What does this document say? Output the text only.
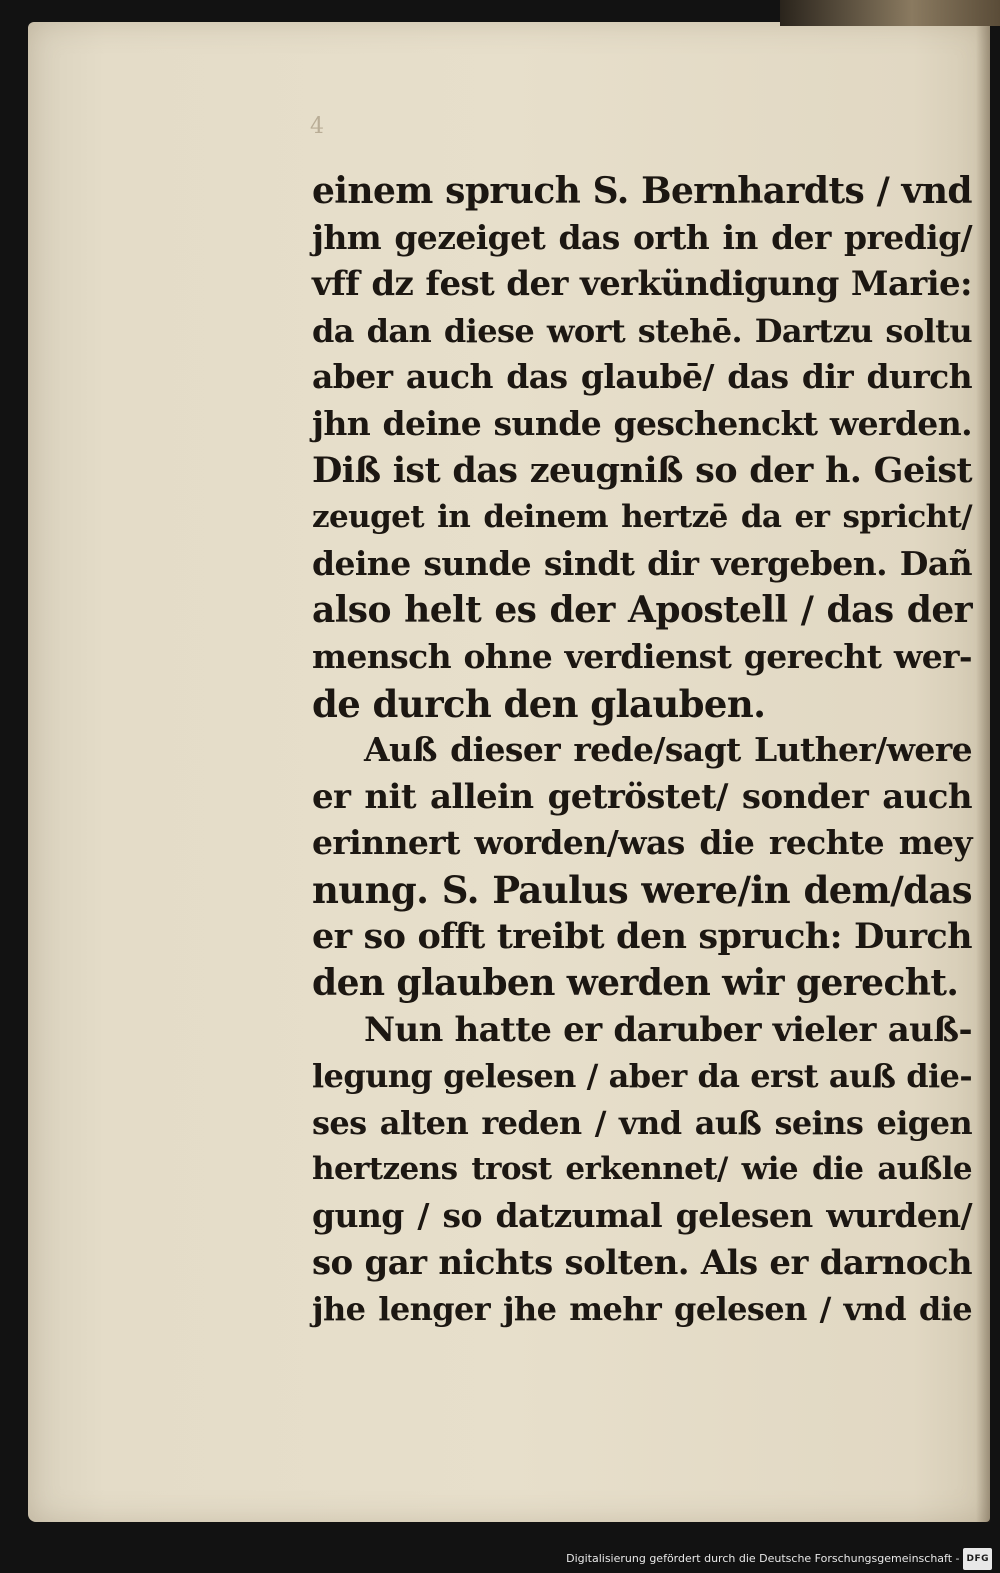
4
einem spruch S. Bernhardts / vnd
jhm gezeiget das orth in der predig/
vff dz fest der verkündigung Marie:
da dan diese wort stehē. Dartzu soltu
aber auch das glaubē/ das dir durch
jhn deine sunde geschenckt werden.
Diß ist das zeugniß so der h. Geist
zeuget in deinem hertzē da er spricht/
deine sunde sindt dir vergeben. Dañ
also helt es der Apostell / das der
mensch ohne verdienst gerecht wer-
de durch den glauben.
Auß dieser rede/sagt Luther/were
er nit allein getröstet/ sonder auch
erinnert worden/was die rechte mey
nung. S. Paulus were/in dem/das
er so offt treibt den spruch: Durch
den glauben werden wir gerecht.
Nun hatte er daruber vieler auß-
legung gelesen / aber da erst auß die-
ses alten reden / vnd auß seins eigen
hertzens trost erkennet/ wie die außle
gung / so datzumal gelesen wurden/
so gar nichts solten. Als er darnoch
jhe lenger jhe mehr gelesen / vnd die
Digitalisierung gefördert durch die Deutsche Forschungsgemeinschaft - DFG
